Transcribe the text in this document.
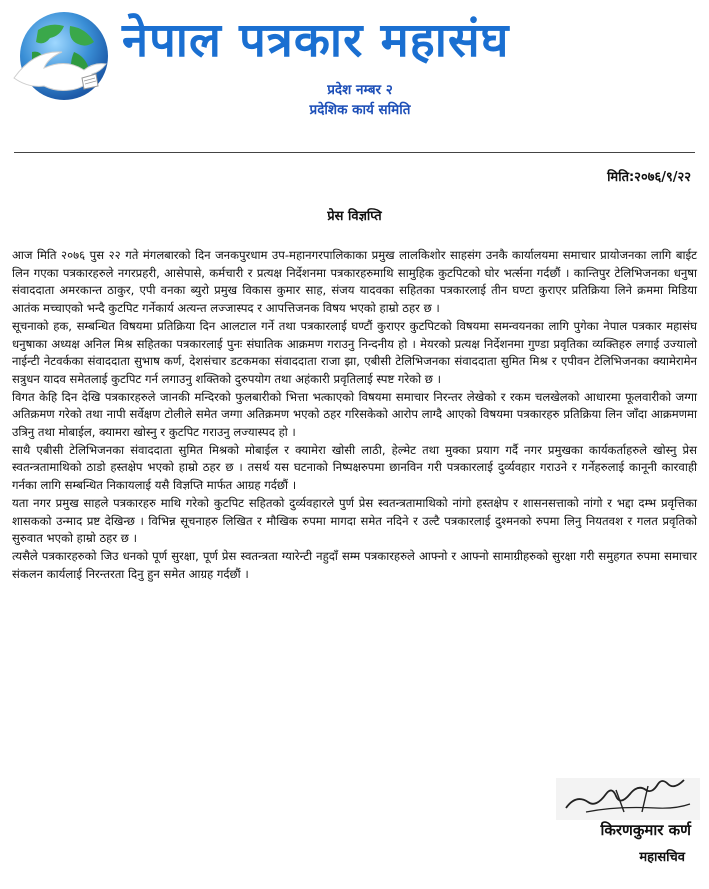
नेपाल पत्रकार महासंघ
प्रदेश नम्बर २
प्रदेशिक कार्य समिति
मिति:२०७६/९/२२
प्रेस विज्ञप्ति

आज मिति २०७६ पुस २२ गते मंगलबारको दिन जनकपुरधाम उप-महानगरपालिकाका प्रमुख लालकिशोर साहसंग उनकै कार्यालयमा समाचार प्रायोजनका लागि बाईट लिन गएका पत्रकारहरुले नगरप्रहरी, आसेपासे, कर्मचारी र प्रत्यक्ष निर्देशनमा पत्रकारहरुमाथि सामुहिक कुटपिटको घोर भर्त्सना गर्दछौं । कान्तिपुर टेलिभिजनका धनुषा संवाददाता अमरकान्त ठाकुर, एपी वनका ब्युरो प्रमुख विकास कुमार साह, संजय यादवका सहितका पत्रकारलाई तीन घण्टा कुराएर प्रतिक्रिया लिने क्रममा मिडिया आतंक मच्चाएको भन्दै कुटपिट गर्नेकार्य अत्यन्त लज्जास्पद र आपत्तिजनक विषय भएको हाम्रो ठहर छ ।

सूचनाको हक, सम्बन्धित विषयमा प्रतिक्रिया दिन आलटाल गर्ने तथा पत्रकारलाई घण्टौं कुराएर कुटपिटको विषयमा समन्वयनका लागि पुगेका नेपाल पत्रकार महासंघ धनुषाका अध्यक्ष अनिल मिश्र सहितका पत्रकारलाई पुनः संघातिक आक्रमण गराउनु निन्दनीय हो । मेयरको प्रत्यक्ष निर्देशनमा गुण्डा प्रवृतिका व्यक्तिहरु लगाई उज्यालो नाईन्टी नेटवर्कका संवाददाता सुभाष कर्ण, देशसंचार डटकमका संवाददाता राजा झा, एबीसी टेलिभिजनका संवाददाता सुमित मिश्र र एपीवन टेलिभिजनका क्यामेरामेन सत्रुधन यादव समेतलाई कुटपिट गर्न लगाउनु शक्तिको दुरुपयोग तथा अहंकारी प्रवृतिलाई स्पष्ट गरेको छ ।

विगत केहि दिन देखि पत्रकारहरुले जानकी मन्दिरको फुलबारीको भित्ता भत्काएको विषयमा समाचार निरन्तर लेखेको र रकम चलखेलको आधारमा फूलवारीको जग्गा अतिक्रमण गरेको तथा नापी सर्वेक्षण टोलीले समेत जग्गा अतिक्रमण भएको ठहर गरिसकेको आरोप लाग्दै आएको विषयमा पत्रकारहरु प्रतिक्रिया लिन जाँदा आक्रमणमा उत्रिनु तथा मोबाईल, क्यामरा खोस्नु र कुटपिट गराउनु लज्यास्पद हो ।

साथै एबीसी टेलिभिजनका संवाददाता सुमित मिश्रको मोबाईल र क्यामेरा खोसी लाठी, हेल्मेट तथा मुक्का प्रयाग गर्दै नगर प्रमुखका कार्यकर्ताहरुले खोस्नु प्रेस स्वतन्त्रतामाथिको ठाडो हस्तक्षेप भएको हाम्रो ठहर छ । तसर्थ यस घटनाको निष्पक्षरुपमा छानविन गरी पत्रकारलाई दुर्व्यवहार गराउने र गर्नेहरुलाई कानूनी कारवाही गर्नका लागि सम्बन्धित निकायलाई यसै विज्ञप्ति मार्फत आग्रह गर्दछौं ।

यता नगर प्रमुख साहले पत्रकारहरु माथि गरेको कुटपिट सहितको दुर्व्यवहारले पुर्ण प्रेस स्वतन्त्रतामाथिको नांगो हस्तक्षेप र शासनसत्ताको नांगो र भद्दा दम्भ प्रवृत्तिका शासकको उन्माद प्रष्ट देखिन्छ । विभिन्न सूचनाहरु लिखित र मौखिक रुपमा मागदा समेत नदिने र उल्टै पत्रकारलाई दुश्मनको रुपमा लिनु नियतवश र गलत प्रवृतिको सुरुवात भएको हाम्रो ठहर छ ।

त्यसैले पत्रकारहरुको जिउ धनको पूर्ण सुरक्षा, पूर्ण प्रेस स्वतन्त्रता ग्यारेन्टी नहुदाँ सम्म पत्रकारहरुले आफ्नो र आफ्नो सामाग्रीहरुको सुरक्षा गरी समुहगत रुपमा समाचार संकलन कार्यलाई निरन्तरता दिनु हुन समेत आग्रह गर्दछौं ।

किरणकुमार कर्ण
महासचिव
